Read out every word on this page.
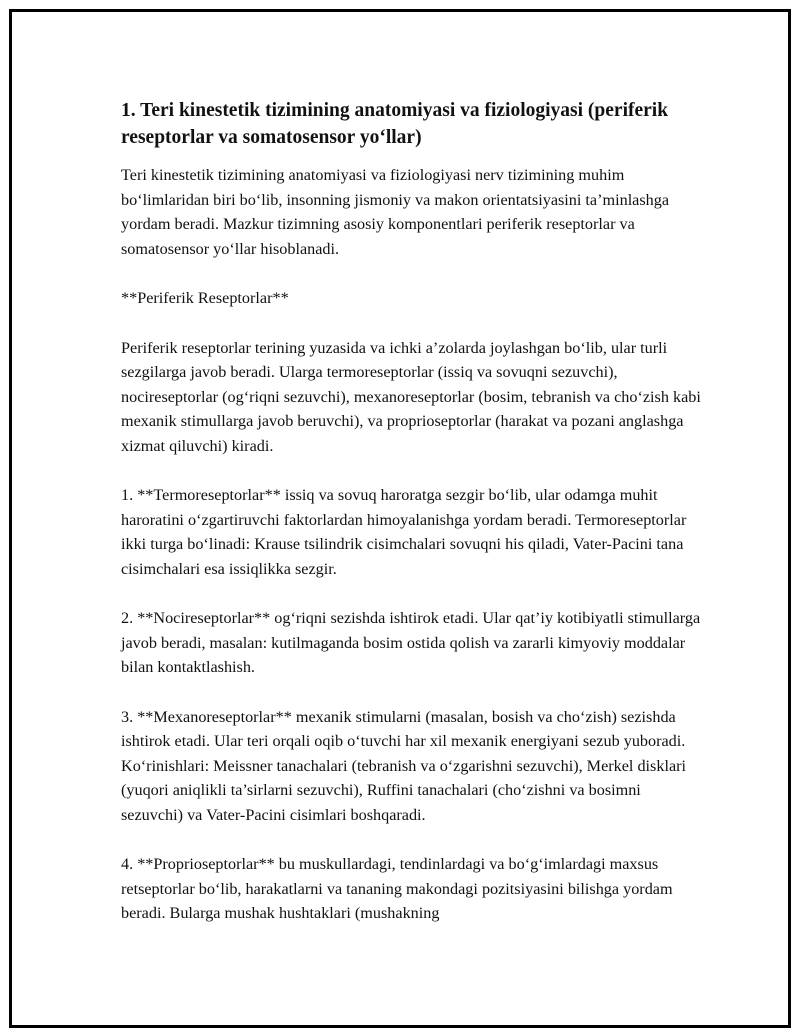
1. Teri kinestetik tizimining anatomiyasi va fiziologiyasi (periferik reseptorlar va somatosensor yo‘llar)

Teri kinestetik tizimining anatomiyasi va fiziologiyasi nerv tizimining muhim bo‘limlaridan biri bo‘lib, insonning jismoniy va makon orientatsiyasini ta’minlashga yordam beradi. Mazkur tizimning asosiy komponentlari periferik reseptorlar va somatosensor yo‘llar hisoblanadi.

**Periferik Reseptorlar**

Periferik reseptorlar terining yuzasida va ichki a’zolarda joylashgan bo‘lib, ular turli sezgilarga javob beradi. Ularga termoreseptorlar (issiq va sovuqni sezuvchi), nocireseptorlar (og‘riqni sezuvchi), mexanoreseptorlar (bosim, tebranish va cho‘zish kabi mexanik stimullarga javob beruvchi), va proprioseptorlar (harakat va pozani anglashga xizmat qiluvchi) kiradi.

1. **Termoreseptorlar** issiq va sovuq haroratga sezgir bo‘lib, ular odamga muhit haroratini o‘zgartiruvchi faktorlardan himoyalanishga yordam beradi. Termoreseptorlar ikki turga bo‘linadi: Krause tsilindrik cisimchalari sovuqni his qiladi, Vater-Pacini tana cisimchalari esa issiqlikka sezgir.

2. **Nocireseptorlar** og‘riqni sezishda ishtirok etadi. Ular qat’iy kotibiyatli stimullarga javob beradi, masalan: kutilmaganda bosim ostida qolish va zararli kimyoviy moddalar bilan kontaktlashish.

3. **Mexanoreseptorlar** mexanik stimularni (masalan, bosish va cho‘zish) sezishda ishtirok etadi. Ular teri orqali oqib o‘tuvchi har xil mexanik energiyani sezub yuboradi. Ko‘rinishlari: Meissner tanachalari (tebranish va o‘zgarishni sezuvchi), Merkel disklari (yuqori aniqlikli ta’sirlarni sezuvchi), Ruffini tanachalari (cho‘zishni va bosimni sezuvchi) va Vater-Pacini cisimlari boshqaradi.

4. **Proprioseptorlar** bu muskullardagi, tendinlardagi va bo‘g‘imlardagi maxsus retseptorlar bo‘lib, harakatlarni va tananing makondagi pozitsiyasini bilishga yordam beradi. Bularga mushak hushtaklari (mushakning
